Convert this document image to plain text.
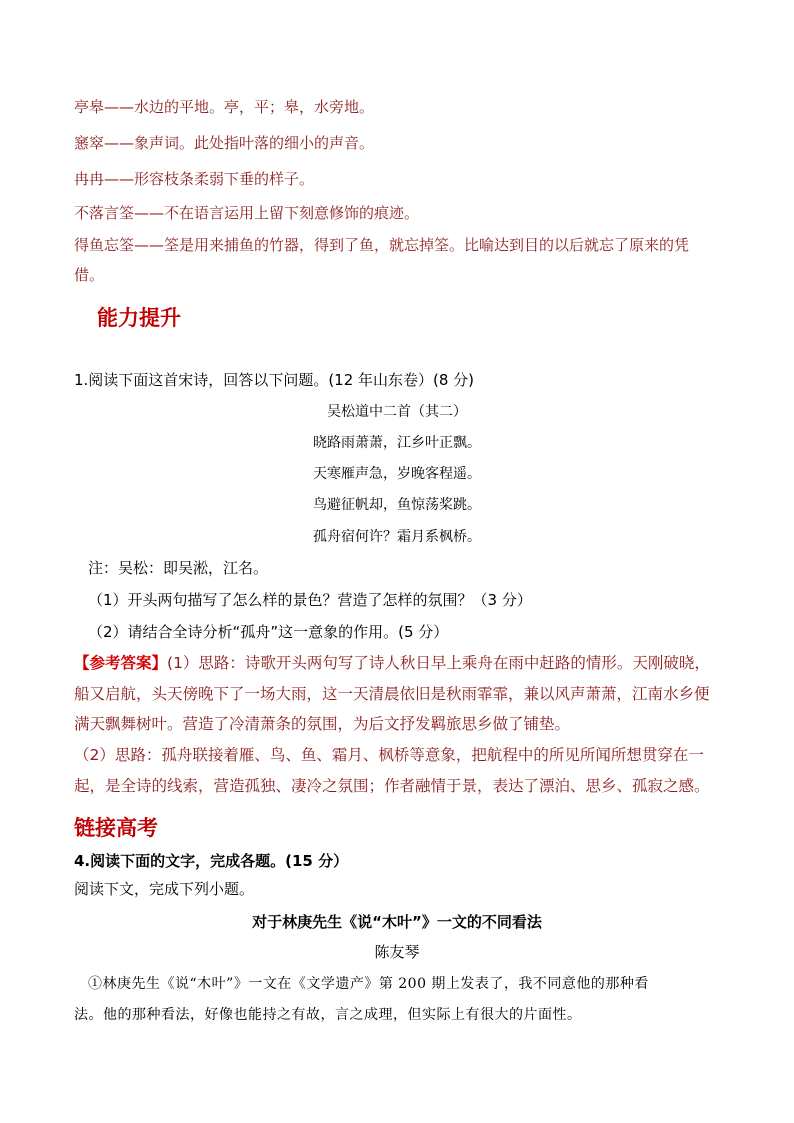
亭皋——水边的平地。亭，平；皋，水旁地。
窸窣——象声词。此处指叶落的细小的声音。
冉冉——形容枝条柔弱下垂的样子。
不落言筌——不在语言运用上留下刻意修饰的痕迹。
得鱼忘筌——筌是用来捕鱼的竹器，得到了鱼，就忘掉筌。比喻达到目的以后就忘了原来的凭
借。
能力提升
1.阅读下面这首宋诗，回答以下问题。(12 年山东卷）(8 分)
吴松道中二首（其二）
晓路雨萧萧，江乡叶正飘。
天寒雁声急，岁晚客程遥。
鸟避征帆却，鱼惊荡桨跳。
孤舟宿何许？霜月系枫桥。
注：吴松：即吴淞，江名。
（1）开头两句描写了怎么样的景色？营造了怎样的氛围？（3 分）
（2）请结合全诗分析“孤舟”这一意象的作用。(5 分）
【参考答案】(1）思路：诗歌开头两句写了诗人秋日早上乘舟在雨中赶路的情形。天刚破晓，
船又启航，头天傍晚下了一场大雨，这一天清晨依旧是秋雨霏霏，兼以风声萧萧，江南水乡便
满天飘舞树叶。营造了冷清萧条的氛围，为后文抒发羁旅思乡做了铺垫。
（2）思路：孤舟联接着雁、鸟、鱼、霜月、枫桥等意象，把航程中的所见所闻所想贯穿在一
起，是全诗的线索，营造孤独、凄冷之氛围；作者融情于景，表达了漂泊、思乡、孤寂之感。
链接高考
4.阅读下面的文字，完成各题。(15 分）
阅读下文，完成下列小题。
对于林庚先生《说“木叶”》一文的不同看法
陈友琴
①林庚先生《说“木叶”》一文在《文学遗产》第 200 期上发表了，我不同意他的那种看
法。他的那种看法，好像也能持之有故，言之成理，但实际上有很大的片面性。
